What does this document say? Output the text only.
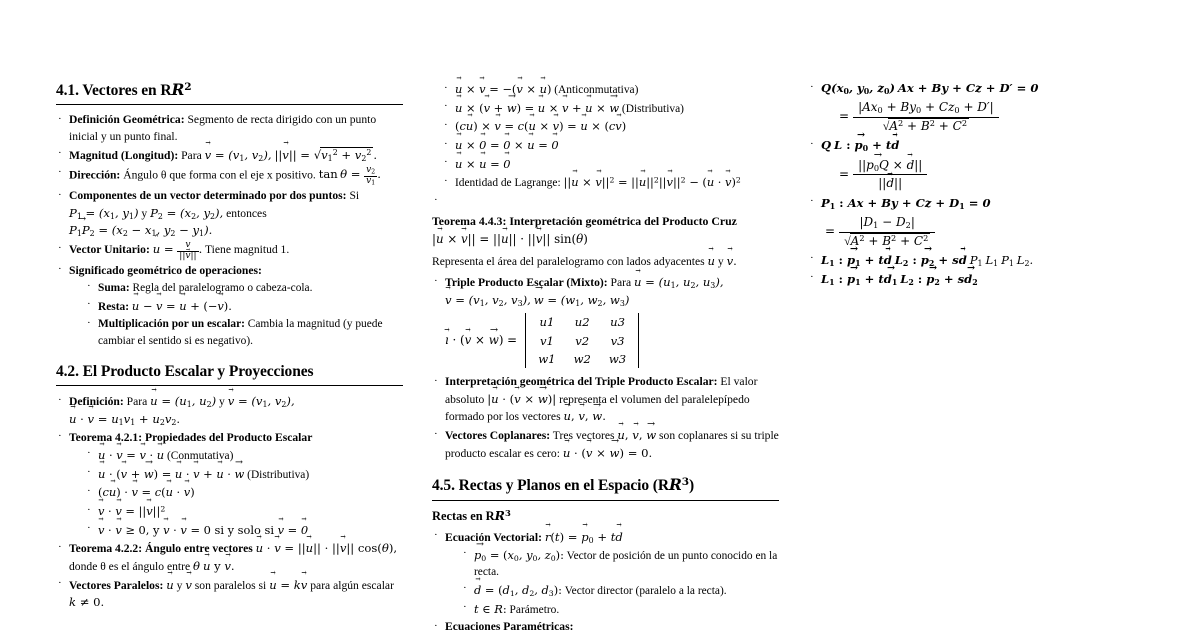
4.1. Vectores en $RR^2$
· Definición Geométrica: Segmento de recta dirigido con un punto inicial y un punto final.
· Magnitud (Longitud): Para v → = ($v_1$, $v_2$), ||v →|| = $√v_1^2 + v_2^2$ .
· Dirección: Ángulo θ que forma con el eje x positivo. $\tan \theta = \frac{v_2}{v_1}$ .
· Componentes de un vector determinado por dos puntos: Si $P_1 = (x_1$, $y_1$) y $P_2 = (x_2$, $y_2$), entonces $P_1P_2$ → = ($x_2 - x_1$, $y_2 - y_1$).
· Vector Unitario: u ˆ = $\frac{v}{||v \to||}$ . Tiene magnitud 1.
· Significado geométrico de operaciones:
· Suma: Regla del paralelogramo o cabeza-cola.
· Resta: u → − v → = u → + (−v →).
· Multiplicación por un escalar: Cambia la magnitud (y puede cambiar el sentido si es negativo).
4.2. El Producto Escalar y Proyecciones
· Definición: Para u → = ($u_1$, $u_2$) y v → = ($v_1$, $v_2$), u → · v → = $u_1v_1 + u_2v_2$.
· Teorema 4.2.1: Propiedades del Producto Escalar
· u → · v → = v → · u → (Conmutativa)
· u → · (v → + w →) = u → · v → + u → · w → (Distributiva)
· (cu →) · v → = c(u → · v →)
· v → · v → = $||v \to||^2$
· v → · v → ≥ 0, y v → · v → = 0 si y solo si v → = 0 →
· Teorema 4.2.2: Ángulo entre vectores u → · v → = ||u →|| · ||v →|| cos(θ), donde θ es el ángulo entre θ u → y v →.
· Vectores Paralelos: u → y v → son paralelos si u → = kv → para algún escalar k ≠ 0.
· u → × v → = −(v → × u →) (Anticonmutativa)
· u → × (v → + w →) = u → × v → + u → × w → (Distributiva)
· (cu →) × v → = c(u → × v →) = u → × (cv →)
· u → × 0 → = 0 → × u → = 0 →
· u → × u → = 0 →
· Identidad de Lagrange: ||u → × $v \to||^2 = ||u \to||^2||v \to||^2 - (u$ → · v →)$^2$
·
Teorema 4.4.3: Interpretación geométrica del Producto Cruz
|u → × v →|| = ||u →|| · ||v →|| sin(θ)
Representa el área del paralelogramo con lados adyacentes u → y v →.
· Triple Producto Escalar (Mixto): Para u → = ($u_1$, $u_2$, $u_3$), v → = ($v_1$, $v_2$, $v_3$), w → = ($w_1$, $w_2$, $w_3$)
ı → · (v → × w →) =
u1	u2	u3
v1	v2	v3
w1	w2	w3
· Interpretación geométrica del Triple Producto Escalar: El valor absoluto |u → · (v → × w →)| representa el volumen del paralelepípedo formado por los vectores u →, v →, w →.
· Vectores Coplanares: Tres vectores u →, v →, w → son coplanares si su triple producto escalar es cero: u → · (v → × w →) = 0.
4.5. Rectas y Planos en el Espacio $(RR^3)$
Rectas en $RR^3$
· Ecuación Vectorial: $r \to(t) = p \to_0$ + td →
· $p_0$ → = ($x_0$, $y_0$, $z_0$): Vector de posición de un punto conocido en la recta.
· d → = ($d_1$, $d_2$, $d_3$): Vector director (paralelo a la recta).
· t ∈ R: Parámetro.
· Ecuaciones Paramétricas:
· $Q(x_0$, $y_0$, $z_0$) Ax + By + Cz + D′ = 0
= $\frac{|Ax_0 + By_0 + Cz_0 + D'|}{√A^2 + B^2 + C^2}$
· Q L : $p_0$ → + td →
= $\frac{||p_0Q \to \times d \to||}{||d \to||}$
· $P_1$ : $Ax + By + Cz + D_1 = 0$
= $\frac{|D_1 - D_2|}{√A^2 + B^2 + C^2}$
· $L_1$ : $p_1$ → + td → $L_2$ : $p_2$ → + sd → $P_1$ $L_1$ $P_1$ $L_2$.
· $L_1$ : $p_1$ → + $td_1 \to L_2$ : $p_2$ → + $sd_2$ →
